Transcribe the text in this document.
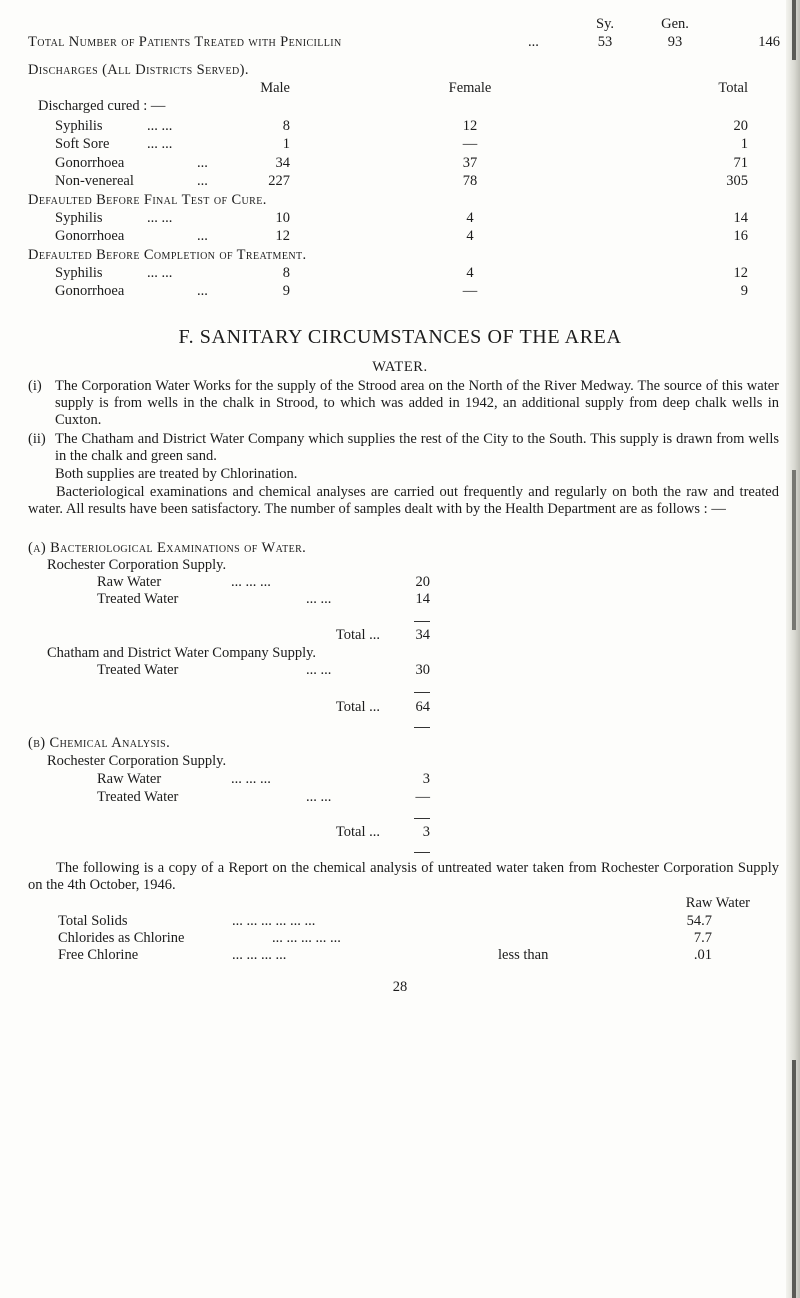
Sy.	Gen.
Total Number of Patients Treated with Penicillin	...	53	93	146
Discharges (All Districts Served).
Male	Female	Total
Discharged cured : —
Syphilis	... ...	8	12	20
Soft Sore	... ...	1	—	1
Gonorrhoea	...	34	37	71
Non-venereal	...	227	78	305
Defaulted Before Final Test of Cure.
Syphilis	... ...	10	4	14
Gonorrhoea	...	12	4	16
Defaulted Before Completion of Treatment.
Syphilis	... ...	8	4	12
Gonorrhoea	...	9	—	9
F. SANITARY CIRCUMSTANCES OF THE AREA
WATER.
(i) The Corporation Water Works for the supply of the Strood area on the North of the River Medway. The source of this water supply is from wells in the chalk in Strood, to which was added in 1942, an additional supply from deep chalk wells in Cuxton.
(ii) The Chatham and District Water Company which supplies the rest of the City to the South. This supply is drawn from wells in the chalk and green sand.
Both supplies are treated by Chlorination.
Bacteriological examinations and chemical analyses are carried out frequently and regularly on both the raw and treated water. All results have been satisfactory. The number of samples dealt with by the Health Department are as follows : —
(a) Bacteriological Examinations of Water.
Rochester Corporation Supply.
Raw Water	... ... ...	20
Treated Water	... ...	14
Total ...	34
Chatham and District Water Company Supply.
Treated Water	... ...	30
Total ...	64
(b) Chemical Analysis.
Rochester Corporation Supply.
Raw Water	... ... ...	3
Treated Water	... ...	—
Total ...	3
The following is a copy of a Report on the chemical analysis of untreated water taken from Rochester Corporation Supply on the 4th October, 1946.
Raw Water
Total Solids	... ... ... ... ... ...	54.7
Chlorides as Chlorine	... ... ... ... ...	7.7
Free Chlorine	... ... ... ...	less than	.01
28
